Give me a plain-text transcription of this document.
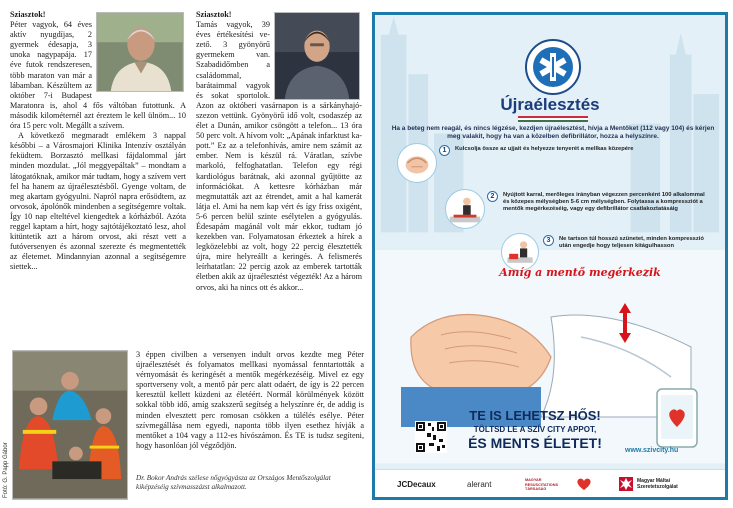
Sziasztok!

Péter vagyok, 64 éves aktív nyugdíjas, 2 gyermek édesapja, 3 unoka nagypapája. 17 éve futok rendszeresen, több maraton van már a lábamban. Készültem az október 7-i Budapest Maratonra is, ahol 4 fős váltóban futottunk. A második kilométernél azt éreztem le kell ülnöm... 10 óra 15 perc volt. Megállt a szívem.

A következő megmaradt emlékem 3 nappal későbbi – a Városmajori Klinika Intenzív osztályán feküdtem. Borzasztó mellkasi fájdalommal járt minden mozdulat. „Jól meggyepáltak” – mondtam a látogatóknak, amikor már tudtam, hogy a szívem vert fel ha hanem az újraélesztésből. Gyenge voltam, de meg akartam gyógyulni. Napról napra erősödtem, az orvosok, ápolónők mindenben a segítségemre voltak. Így 10 nap elteltével kiengedtek a kórházból. Azóta reggel kaptam a hírt, hogy sajtótájékoztató lesz, ahol kitüntetik azt a három orvost, aki részt vett a futóversenyen és azonnal szerezte és megmentették az életemet. Mindannyian azonnal a segítségemre siettek...

Sziasztok!

Tamás vagyok, 39 éves értékesítési vezető. 3 gyönyörű gyermekem van. Szabadidőmben a családommal, barátaimmal vagyok és sokat sportolok. Azon az októberi vasárnapon is a sárkányhajó-szezon vettünk. Gyönyörű idő volt, csodaszép az élet a Dunán, amikor csöngött a telefon... 13 óra 50 perc volt. A hívom volt: „Apának infarktust kapott.” Ez az a telefonhívás, amire nem számít az ember. Nem is készül rá. Váratlan, szívbe markoló, felfoghatatlan. Telefon egy régi kardiológus barátnak, aki azonnal gyűjtötte az információkat. A kettesre kórházban már megmutatták azt az étrendet, amit a hal kamerát látja el. Ami ha nem kap vért és így friss oxigént, 5-6 percen belül szinte esélytelen a gyógyulás. Édesapám magánál volt már ekkor, tudtam jó kezekben van. Folyamatosan érkeztek a hírek a legközelebbi az volt, hogy 22 percig élesztették újra, mire helyreállt a keringés. A felismerés leírhatatlan: 22 percig azok az emberek tartották életben akik az újraélesztést végezték! Az a három orvos, aki ha nincs ott és akkor...

Fotó: G. Papp Gábor

3 éppen civilben a versenyen indult orvos kezdte meg Péter újraélesztését és folyamatos mellkasi nyomással fenntartották a vérnyomását és keringését a mentők megérkezéséig. Mivel ez egy sportverseny volt, a mentő pár perc alatt odaért, de így is 22 percen keresztül kellett küzdeni az életéért. Normál körülmények között sokkal több idő, amíg szakszerű segítség a helyszínre ér, de addig is minden elvesztett perc romosan csökken a túlélés esélye. Péter szívmegállása nem egyedi, naponta több ilyen esethez hívják a mentőket a 104 vagy a 112-es hívószámon. És TE is tudsz segíteni, hogy hasonlóan jól végződjön.

Dr. Bokor András szélese nőgyógyásza az Országos Mentőszolgálat kiképzéséig szívmasszázst alkalmazott.
Újraélesztés
Ha a beteg nem reagál, és nincs légzése, kezdjen újraélesztést, hívja a Mentőket (112 vagy 104) és kérjen meg valakit, hogy ha van a közelben defibrillátor, hozza a helyszínre.
1	Kulcsolja össze az ujjait és helyezze tenyerét a mellkas közepére
2	Nyújtott karral, merőleges irányban végezzen percenként 100 alkalommal és közepes mélységben 5-6 cm mélységben. Folytassa a kompressziót a mentők megérkezéséig, vagy egy defibrillátor csatlakoztatásáig
3	Ne tartson túl hosszú szünetet, minden kompresszió után engedje hogy teljesen kitágulhasson
Amíg a mentő megérkezik
TE IS LEHETSZ HŐS!
TÖLTSD LE A SZÍV CITY APPOT,
ÉS MENTS ÉLETET!	www.szivcity.hu
JCDecaux	alerant	MAGYAR RESUSCITATIONS TÁRSASÁG
Magyar Máltai Szeretetszolgálat
